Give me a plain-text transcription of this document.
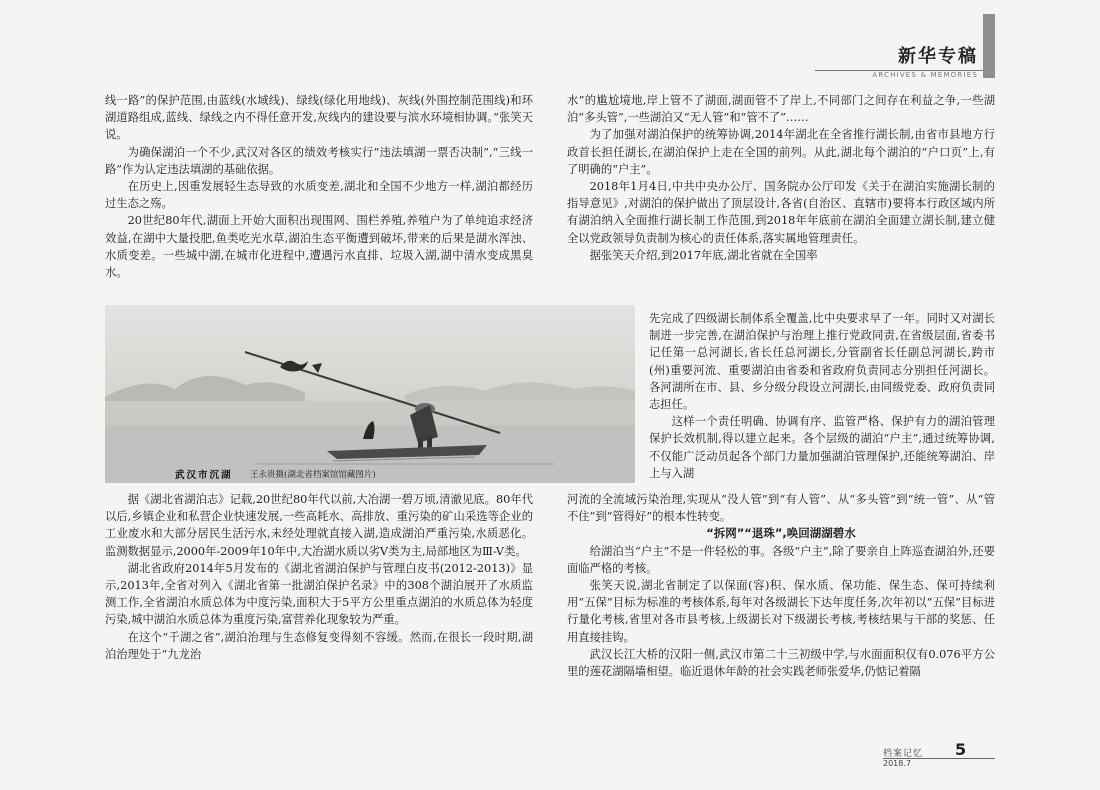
新华专稿
ARCHIVES & MEMORIES

线一路”的保护范围,由蓝线(水域线)、绿线(绿化用地线)、灰线(外围控制范围线)和环湖道路组成,蓝线、绿线之内不得任意开发,灰线内的建设要与滨水环境相协调。”张笑天说。

为确保湖泊一个不少,武汉对各区的绩效考核实行“违法填湖一票否决制”,“三线一路”作为认定违法填湖的基础依据。

在历史上,因重发展轻生态导致的水质变差,湖北和全国不少地方一样,湖泊都经历过生态之殇。

20世纪80年代,湖面上开始大面积出现围网、围栏养殖,养殖户为了单纯追求经济效益,在湖中大量投肥,鱼类吃光水草,湖泊生态平衡遭到破坏,带来的后果是湖水浑浊、水质变差。一些城中湖,在城市化进程中,遭遇污水直排、垃圾入湖,湖中清水变成黑臭水。

武汉市沉湖 王永贵摄(湖北省档案馆馆藏图片)

据《湖北省湖泊志》记载,20世纪80年代以前,大冶湖一碧万顷,清澈见底。80年代以后,乡镇企业和私营企业快速发展,一些高耗水、高排放、重污染的矿山采选等企业的工业废水和大部分居民生活污水,未经处理就直接入湖,造成湖泊严重污染,水质恶化。监测数据显示,2000年-2009年10年中,大冶湖水质以劣V类为主,局部地区为Ⅲ-V类。

湖北省政府2014年5月发布的《湖北省湖泊保护与管理白皮书(2012-2013)》显示,2013年,全省对列入《湖北省第一批湖泊保护名录》中的308个湖泊展开了水质监测工作,全省湖泊水质总体为中度污染,面积大于5平方公里重点湖泊的水质总体为轻度污染,城中湖泊水质总体为重度污染,富营养化现象较为严重。

在这个“千湖之省”,湖泊治理与生态修复变得刻不容缓。然而,在很长一段时期,湖泊治理处于“九龙治

水”的尴尬境地,岸上管不了湖面,湖面管不了岸上,不同部门之间存在利益之争,一些湖泊“多头管”,一些湖泊又“无人管”和“管不了”……

为了加强对湖泊保护的统筹协调,2014年湖北在全省推行湖长制,由省市县地方行政首长担任湖长,在湖泊保护上走在全国的前列。从此,湖北每个湖泊的“户口页”上,有了明确的“户主”。

2018年1月4日,中共中央办公厅、国务院办公厅印发《关于在湖泊实施湖长制的指导意见》,对湖泊的保护做出了顶层设计,各省(自治区、直辖市)要将本行政区域内所有湖泊纳入全面推行湖长制工作范围,到2018年年底前在湖泊全面建立湖长制,建立健全以党政领导负责制为核心的责任体系,落实属地管理责任。

据张笑天介绍,到2017年底,湖北省就在全国率

先完成了四级湖长制体系全覆盖,比中央要求早了一年。同时又对湖长制进一步完善,在湖泊保护与治理上推行党政同责,在省级层面,省委书记任第一总河湖长,省长任总河湖长,分管副省长任副总河湖长,跨市(州)重要河流、重要湖泊由省委和省政府负责同志分别担任河湖长。各河湖所在市、县、乡分级分段设立河湖长,由同级党委、政府负责同志担任。

这样一个责任明确、协调有序、监管严格、保护有力的湖泊管理保护长效机制,得以建立起来。各个层级的湖泊“户主”,通过统筹协调,不仅能广泛动员起各个部门力量加强湖泊管理保护,还能统筹湖泊、岸上与入湖

河流的全流域污染治理,实现从“没人管”到“有人管”、从“多头管”到“统一管”、从“管不住”到“管得好”的根本性转变。

“拆网”“退珠”,唤回湖湖碧水

给湖泊当“户主”不是一件轻松的事。各级“户主”,除了要亲自上阵巡查湖泊外,还要面临严格的考核。

张笑天说,湖北省制定了以保面(容)积、保水质、保功能、保生态、保可持续利用“五保”目标为标准的考核体系,每年对各级湖长下达年度任务,次年初以“五保”目标进行量化考核,省里对各市县考核,上级湖长对下级湖长考核,考核结果与干部的奖惩、任用直接挂钩。

武汉长江大桥的汉阳一侧,武汉市第二十三初级中学,与水面面积仅有0.076平方公里的莲花湖隔墙相望。临近退休年龄的社会实践老师张爱华,仍惦记着隔

档案记忆 5
2018.7
